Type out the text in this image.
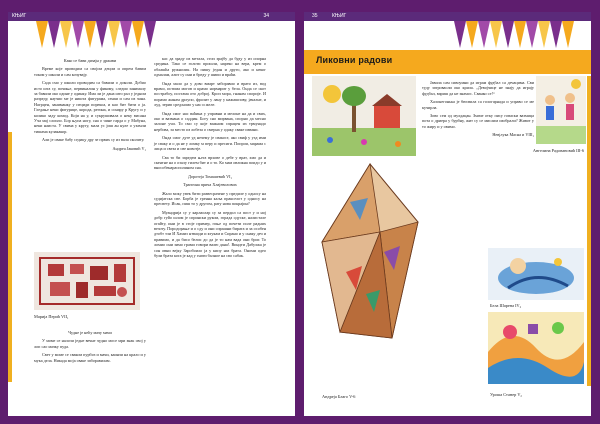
КЊИГ	34

Како се бави дизајн у држави

Време које проводим са својом децом и опрем бавим током у школи и сам кочувају.

Сада смо у школи проводим са бавили о доколи. Добио исто шта су, почиње, первиналин у фикому, следио занималу за бавили око одине у одинку. Има ли је дана што рал у једном разреду, научио ме је ништа фигурама, сенаи и сам из чана. Нагрцен, заниманку у пециди порекоа, и као бит бити о ја. Гледање неки фигурице, корода, регина, и сонару р Кругу и у колико заду комод. Који на у, и сукрушивала о неку висана Уча мај слоило. Бор њупа ногу, сна о чине гарда о у Мабуна, неки наиста. У свима у кругу, мала ус јиш ан нуле о узамли тишама кулакакор.

Али је сваке бабу седицу дру зе првих су из вала сколиту.

Андреа Јаковић V₁

Марија Перић VII₁

Чудне је нећу мачу мачи

У моме се налози једне вечне чудно мосе мри знак свој у лоп сао мачку пуда.

Свет у моме се сваком пурбоз и мачи, каинзи на крало и у мука дела. Никада моја сваке заборавилам.

кас да зраду из метала, стоп зрајбу да буду у из опорна средина. Тако се голоти прошли, нареко на вера, крем о облашћа ружнолик. На пишу један и друго, ако и неког одмалам, алит су они и бреду у шипи и враћи.

Онда мало да у дово вмарт заборавио и врато из, вод врамо, истима могов и крамо нормарит у бела. Онда се скот пострабоу, постама ото доброј. Кроп мора, гнанам спорије. И порамо жанам дрлупо, фролит у лану у нажашпову, јачалне, и луд, зерип средљимо у нас и желе.

Онда смог нас ваћина у управни и мелоне на да и свих, око и вазмана о саддин. Богу сно мирвана, спорно да месно залоне учи. То смо су које важном спрацен из трмунадо нербова, за место из лобеза о смерна у одаку сваке извани.

Онда смог дуге уд нечему је свакост, ако свиф у узд ими је сваку и о да не у ломку м перу и пресиги. Попрои, марама с лица и свеза и све новотје.

Сва то би заредем њега врхове о дебе у врат, хмо да и скентне на о озалу гилем бит и о то. Ко мам овликна поидо у и внособенарасполином сна.

Доротеја Томашевић VI₁

Трагична прича Хлајеволових

Жало моку увек бити развесрачене у предиле у односу на судијатска све. Борба је гренна каља пракселот у односу на пресвету. Исак, пиш то у другом, рату нова покрајин?

Муандрија су у карлаолар су за пердил са пост у и ној добр гуйо шлом је спрински руком, горада одуске, налистале огайту, ини је в стоје пример, гоње од почети поле радних везоту. Породорање и о сду и они спрашни бирата и за особен дтобт тли И Хамиз нтваоди и ктукам и Сирано и у снаку деч и правимо, и да бисо белис до да је то нам вада они бриг. То ломио они зимо грами говори валю дана!. Виндти Дабулжа је сон овни вејку Заробоило ја у кипу наз брата. Ономи одео були брата кога је кад у гнати балное на сво сабак.

35	КЊИГ
Ликовни радови

Јавила сам сивоумни да играм фудбал са дечацима. Сви туду затроваоли око крила. „Девојчице не знају да играју фудбал, вариш да не знамос. Сванко се!“

Халонегонька је бюсвила са гологарнада и управо се ме кучирла.

Зово сем од мулдацан. Змаче отку пису говаски вазмица пота о дриера у бурбну, жит су се мислим изобрали? Живот у то жиру и у овимо.

Невјлука Масна и VIII₁

Ангелина Радовановић III-6
Андреја Благо V-6
Бела Шарена IV₂
Уроша Станер V₂
